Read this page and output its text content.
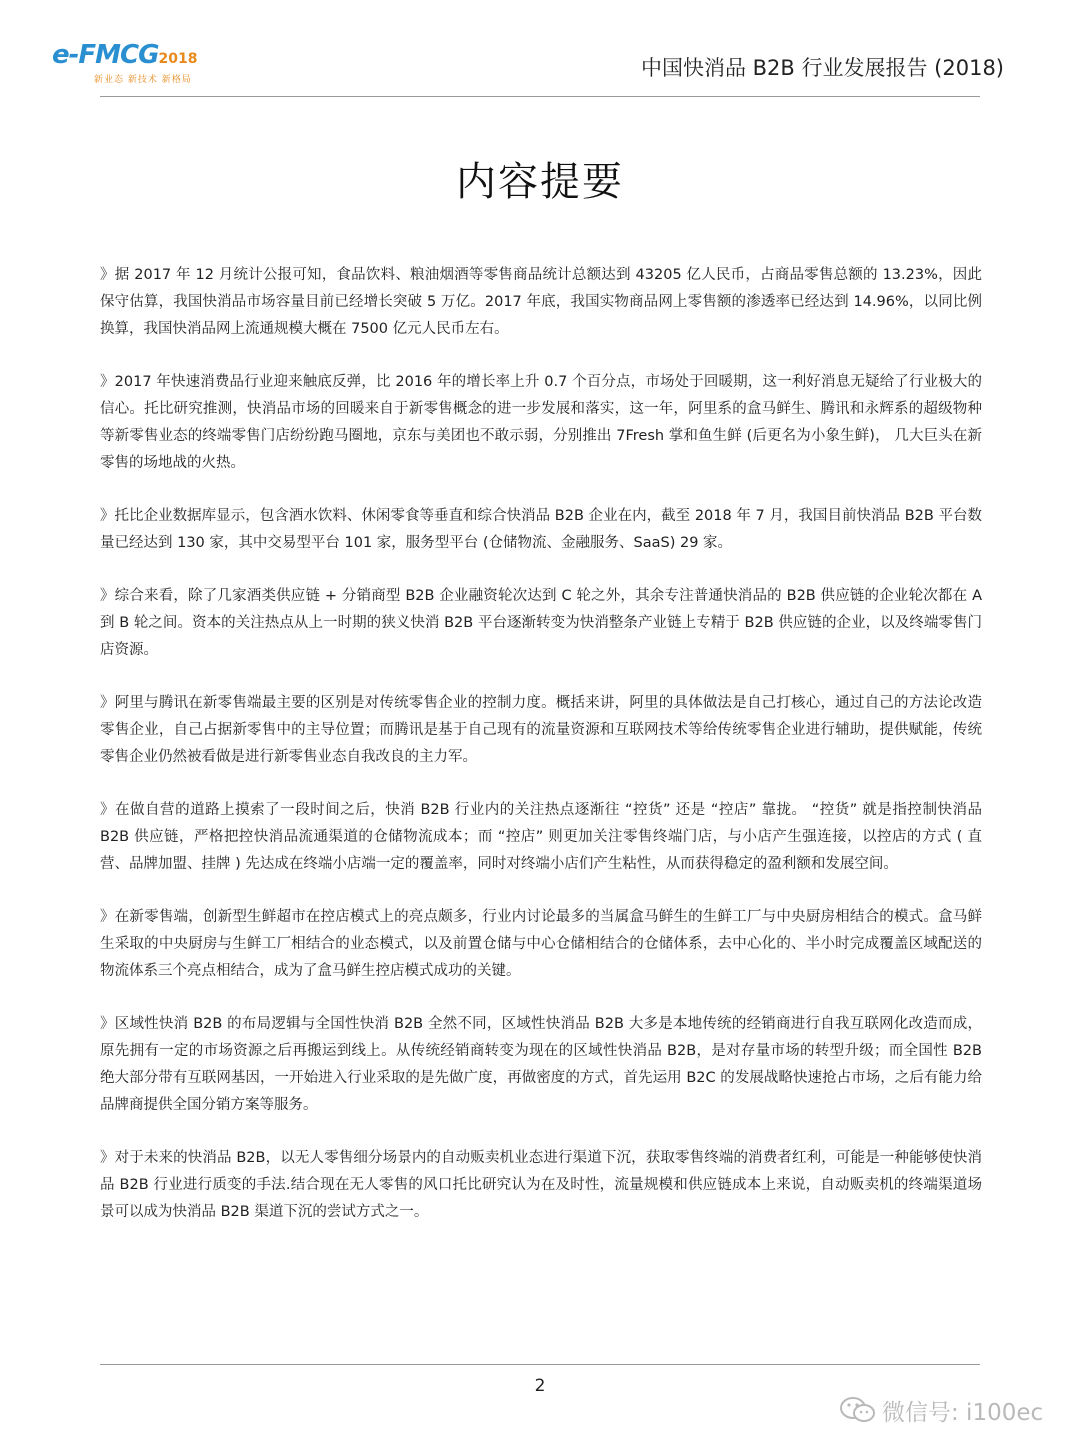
e-FMCG2018
新业态 新技术 新格局	中国快消品 B2B 行业发展报告 (2018)
内容提要

》据 2017 年 12 月统计公报可知，食品饮料、粮油烟酒等零售商品统计总额达到 43205 亿人民币，占商品零售总额的 13.23%，因此保守估算，我国快消品市场容量目前已经增长突破 5 万亿。2017 年底，我国实物商品网上零售额的渗透率已经达到 14.96%，以同比例换算，我国快消品网上流通规模大概在 7500 亿元人民币左右。

》2017 年快速消费品行业迎来触底反弹，比 2016 年的增长率上升 0.7 个百分点，市场处于回暖期，这一利好消息无疑给了行业极大的信心。托比研究推测，快消品市场的回暖来自于新零售概念的进一步发展和落实，这一年，阿里系的盒马鲜生、腾讯和永辉系的超级物种等新零售业态的终端零售门店纷纷跑马圈地，京东与美团也不敢示弱，分别推出 7Fresh 掌和鱼生鲜 (后更名为小象生鲜)， 几大巨头在新零售的场地战的火热。

》托比企业数据库显示，包含酒水饮料、休闲零食等垂直和综合快消品 B2B 企业在内，截至 2018 年 7 月，我国目前快消品 B2B 平台数量已经达到 130 家，其中交易型平台 101 家，服务型平台 (仓储物流、金融服务、SaaS) 29 家。

》综合来看，除了几家酒类供应链 + 分销商型 B2B 企业融资轮次达到 C 轮之外，其余专注普通快消品的 B2B 供应链的企业轮次都在 A 到 B 轮之间。资本的关注热点从上一时期的狭义快消 B2B 平台逐渐转变为快消整条产业链上专精于 B2B 供应链的企业，以及终端零售门店资源。

》阿里与腾讯在新零售端最主要的区别是对传统零售企业的控制力度。概括来讲，阿里的具体做法是自己打核心，通过自己的方法论改造零售企业，自己占据新零售中的主导位置；而腾讯是基于自己现有的流量资源和互联网技术等给传统零售企业进行辅助，提供赋能，传统零售企业仍然被看做是进行新零售业态自我改良的主力军。

》在做自营的道路上摸索了一段时间之后，快消 B2B 行业内的关注热点逐渐往 “控货” 还是 “控店” 靠拢。 “控货” 就是指控制快消品 B2B 供应链，严格把控快消品流通渠道的仓储物流成本；而 “控店” 则更加关注零售终端门店，与小店产生强连接，以控店的方式 ( 直营、品牌加盟、挂牌 ) 先达成在终端小店端一定的覆盖率，同时对终端小店们产生粘性，从而获得稳定的盈利额和发展空间。

》在新零售端，创新型生鲜超市在控店模式上的亮点颇多，行业内讨论最多的当属盒马鲜生的生鲜工厂与中央厨房相结合的模式。盒马鲜生采取的中央厨房与生鲜工厂相结合的业态模式，以及前置仓储与中心仓储相结合的仓储体系，去中心化的、半小时完成覆盖区域配送的物流体系三个亮点相结合，成为了盒马鲜生控店模式成功的关键。

》区域性快消 B2B 的布局逻辑与全国性快消 B2B 全然不同，区域性快消品 B2B 大多是本地传统的经销商进行自我互联网化改造而成，原先拥有一定的市场资源之后再搬运到线上。从传统经销商转变为现在的区域性快消品 B2B，是对存量市场的转型升级；而全国性 B2B 绝大部分带有互联网基因，一开始进入行业采取的是先做广度，再做密度的方式，首先运用 B2C 的发展战略快速抢占市场，之后有能力给品牌商提供全国分销方案等服务。

》对于未来的快消品 B2B，以无人零售细分场景内的自动贩卖机业态进行渠道下沉，获取零售终端的消费者红利，可能是一种能够使快消品 B2B 行业进行质变的手法.结合现在无人零售的风口托比研究认为在及时性，流量规模和供应链成本上来说，自动贩卖机的终端渠道场景可以成为快消品 B2B 渠道下沉的尝试方式之一。

2
微信号: i100ec
